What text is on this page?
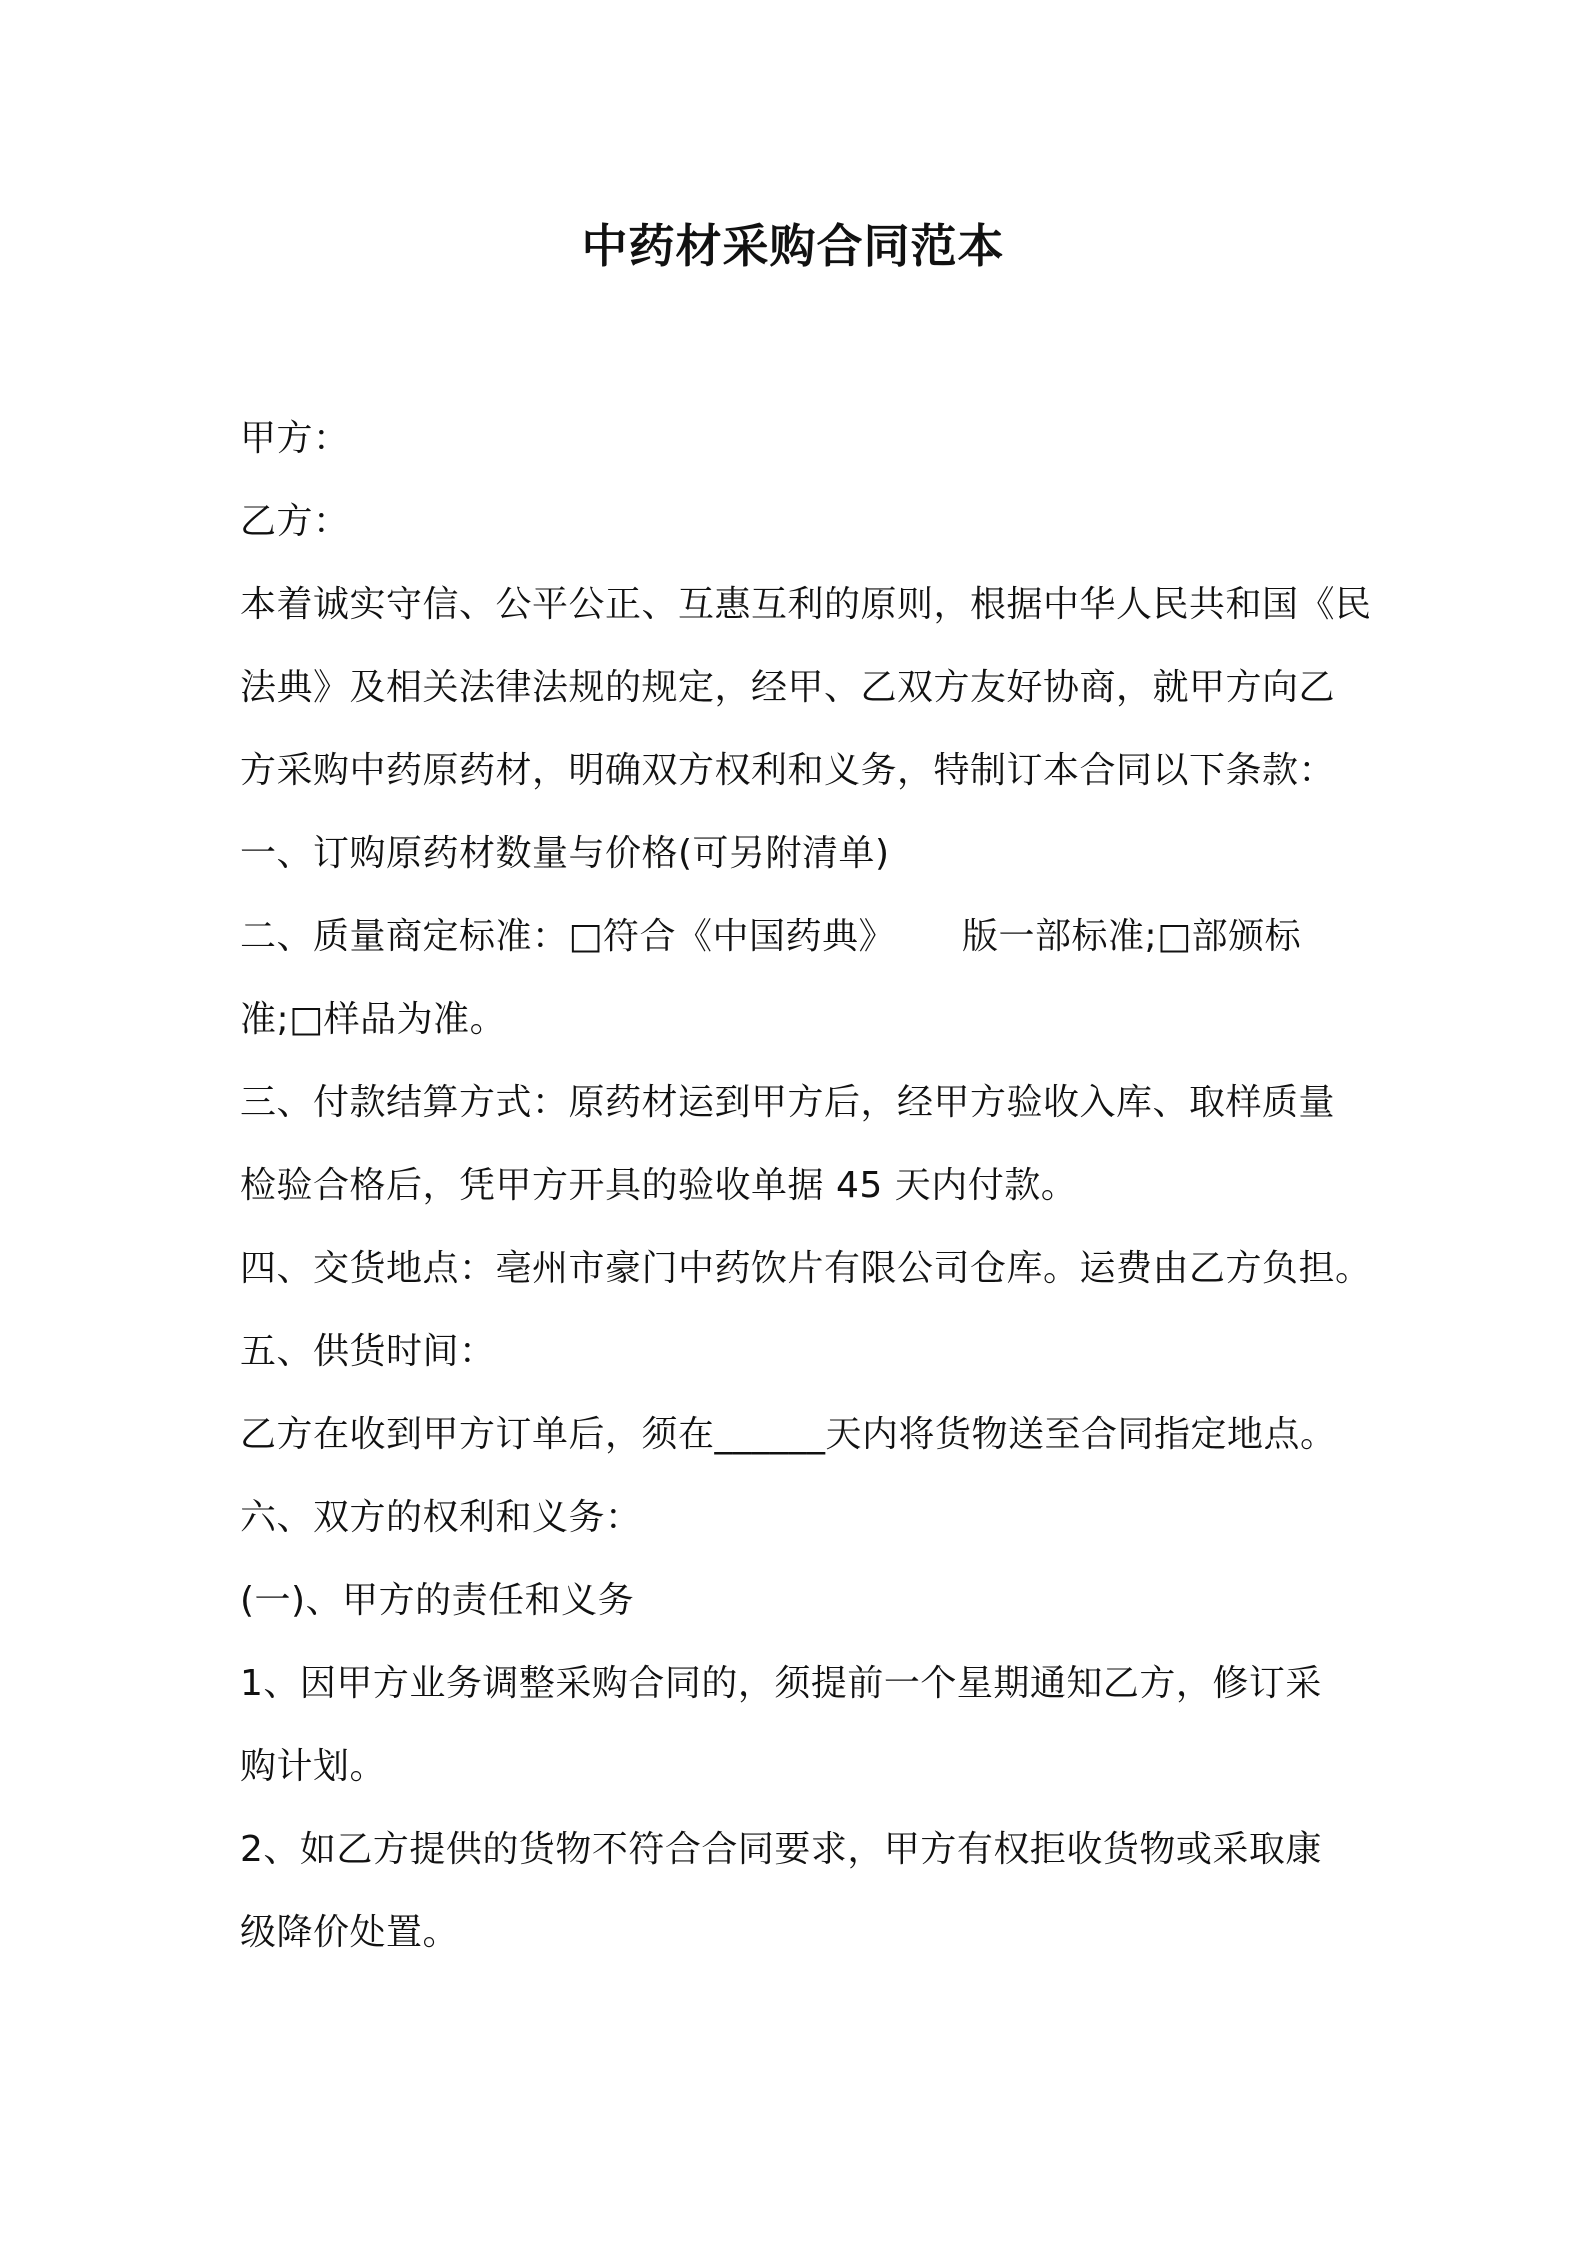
中药材采购合同范本
甲方：
乙方：
本着诚实守信、公平公正、互惠互利的原则，根据中华人民共和国《民
法典》及相关法律法规的规定，经甲、乙双方友好协商，就甲方向乙
方采购中药原药材，明确双方权利和义务，特制订本合同以下条款：
一、订购原药材数量与价格(可另附清单)
二、质量商定标准：□符合《中国药典》　　 版一部标准;□部颁标
准;□样品为准。
三、付款结算方式：原药材运到甲方后，经甲方验收入库、取样质量
检验合格后，凭甲方开具的验收单据 45 天内付款。
四、交货地点：亳州市豪门中药饮片有限公司仓库。运费由乙方负担。
五、供货时间：
乙方在收到甲方订单后，须在______天内将货物送至合同指定地点。
六、双方的权利和义务：
(一)、甲方的责任和义务
1、因甲方业务调整采购合同的，须提前一个星期通知乙方，修订采
购计划。
2、如乙方提供的货物不符合合同要求，甲方有权拒收货物或采取康
级降价处置。
